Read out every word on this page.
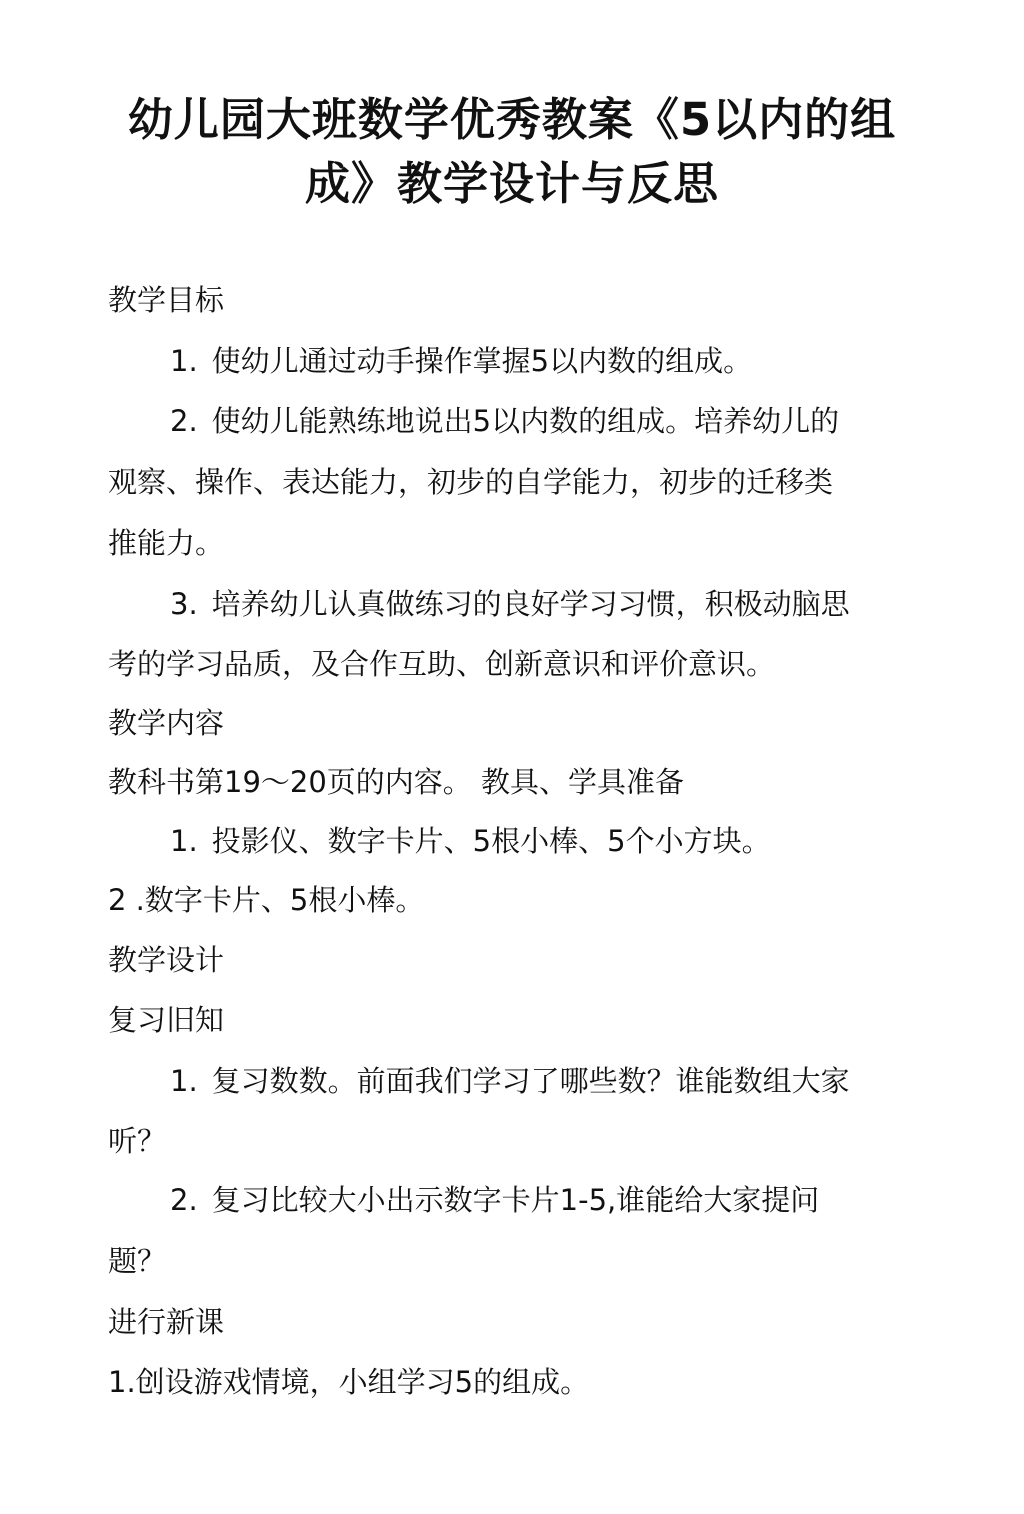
幼儿园大班数学优秀教案《5以内的组
成》教学设计与反思

教学目标

1. 使幼儿通过动手操作掌握5以内数的组成。

2. 使幼儿能熟练地说出5以内数的组成。培养幼儿的

观察、操作、表达能力，初步的自学能力，初步的迁移类

推能力。

3. 培养幼儿认真做练习的良好学习习惯，积极动脑思

考的学习品质，及合作互助、创新意识和评价意识。

教学内容

教科书第19～20页的内容。 教具、学具准备

1. 投影仪、数字卡片、5根小棒、5个小方块。

2 .数字卡片、5根小棒。

教学设计

复习旧知

1. 复习数数。前面我们学习了哪些数？谁能数组大家

听？

2. 复习比较大小出示数字卡片1-5,谁能给大家提问

题？

进行新课

1.创设游戏情境，小组学习5的组成。
